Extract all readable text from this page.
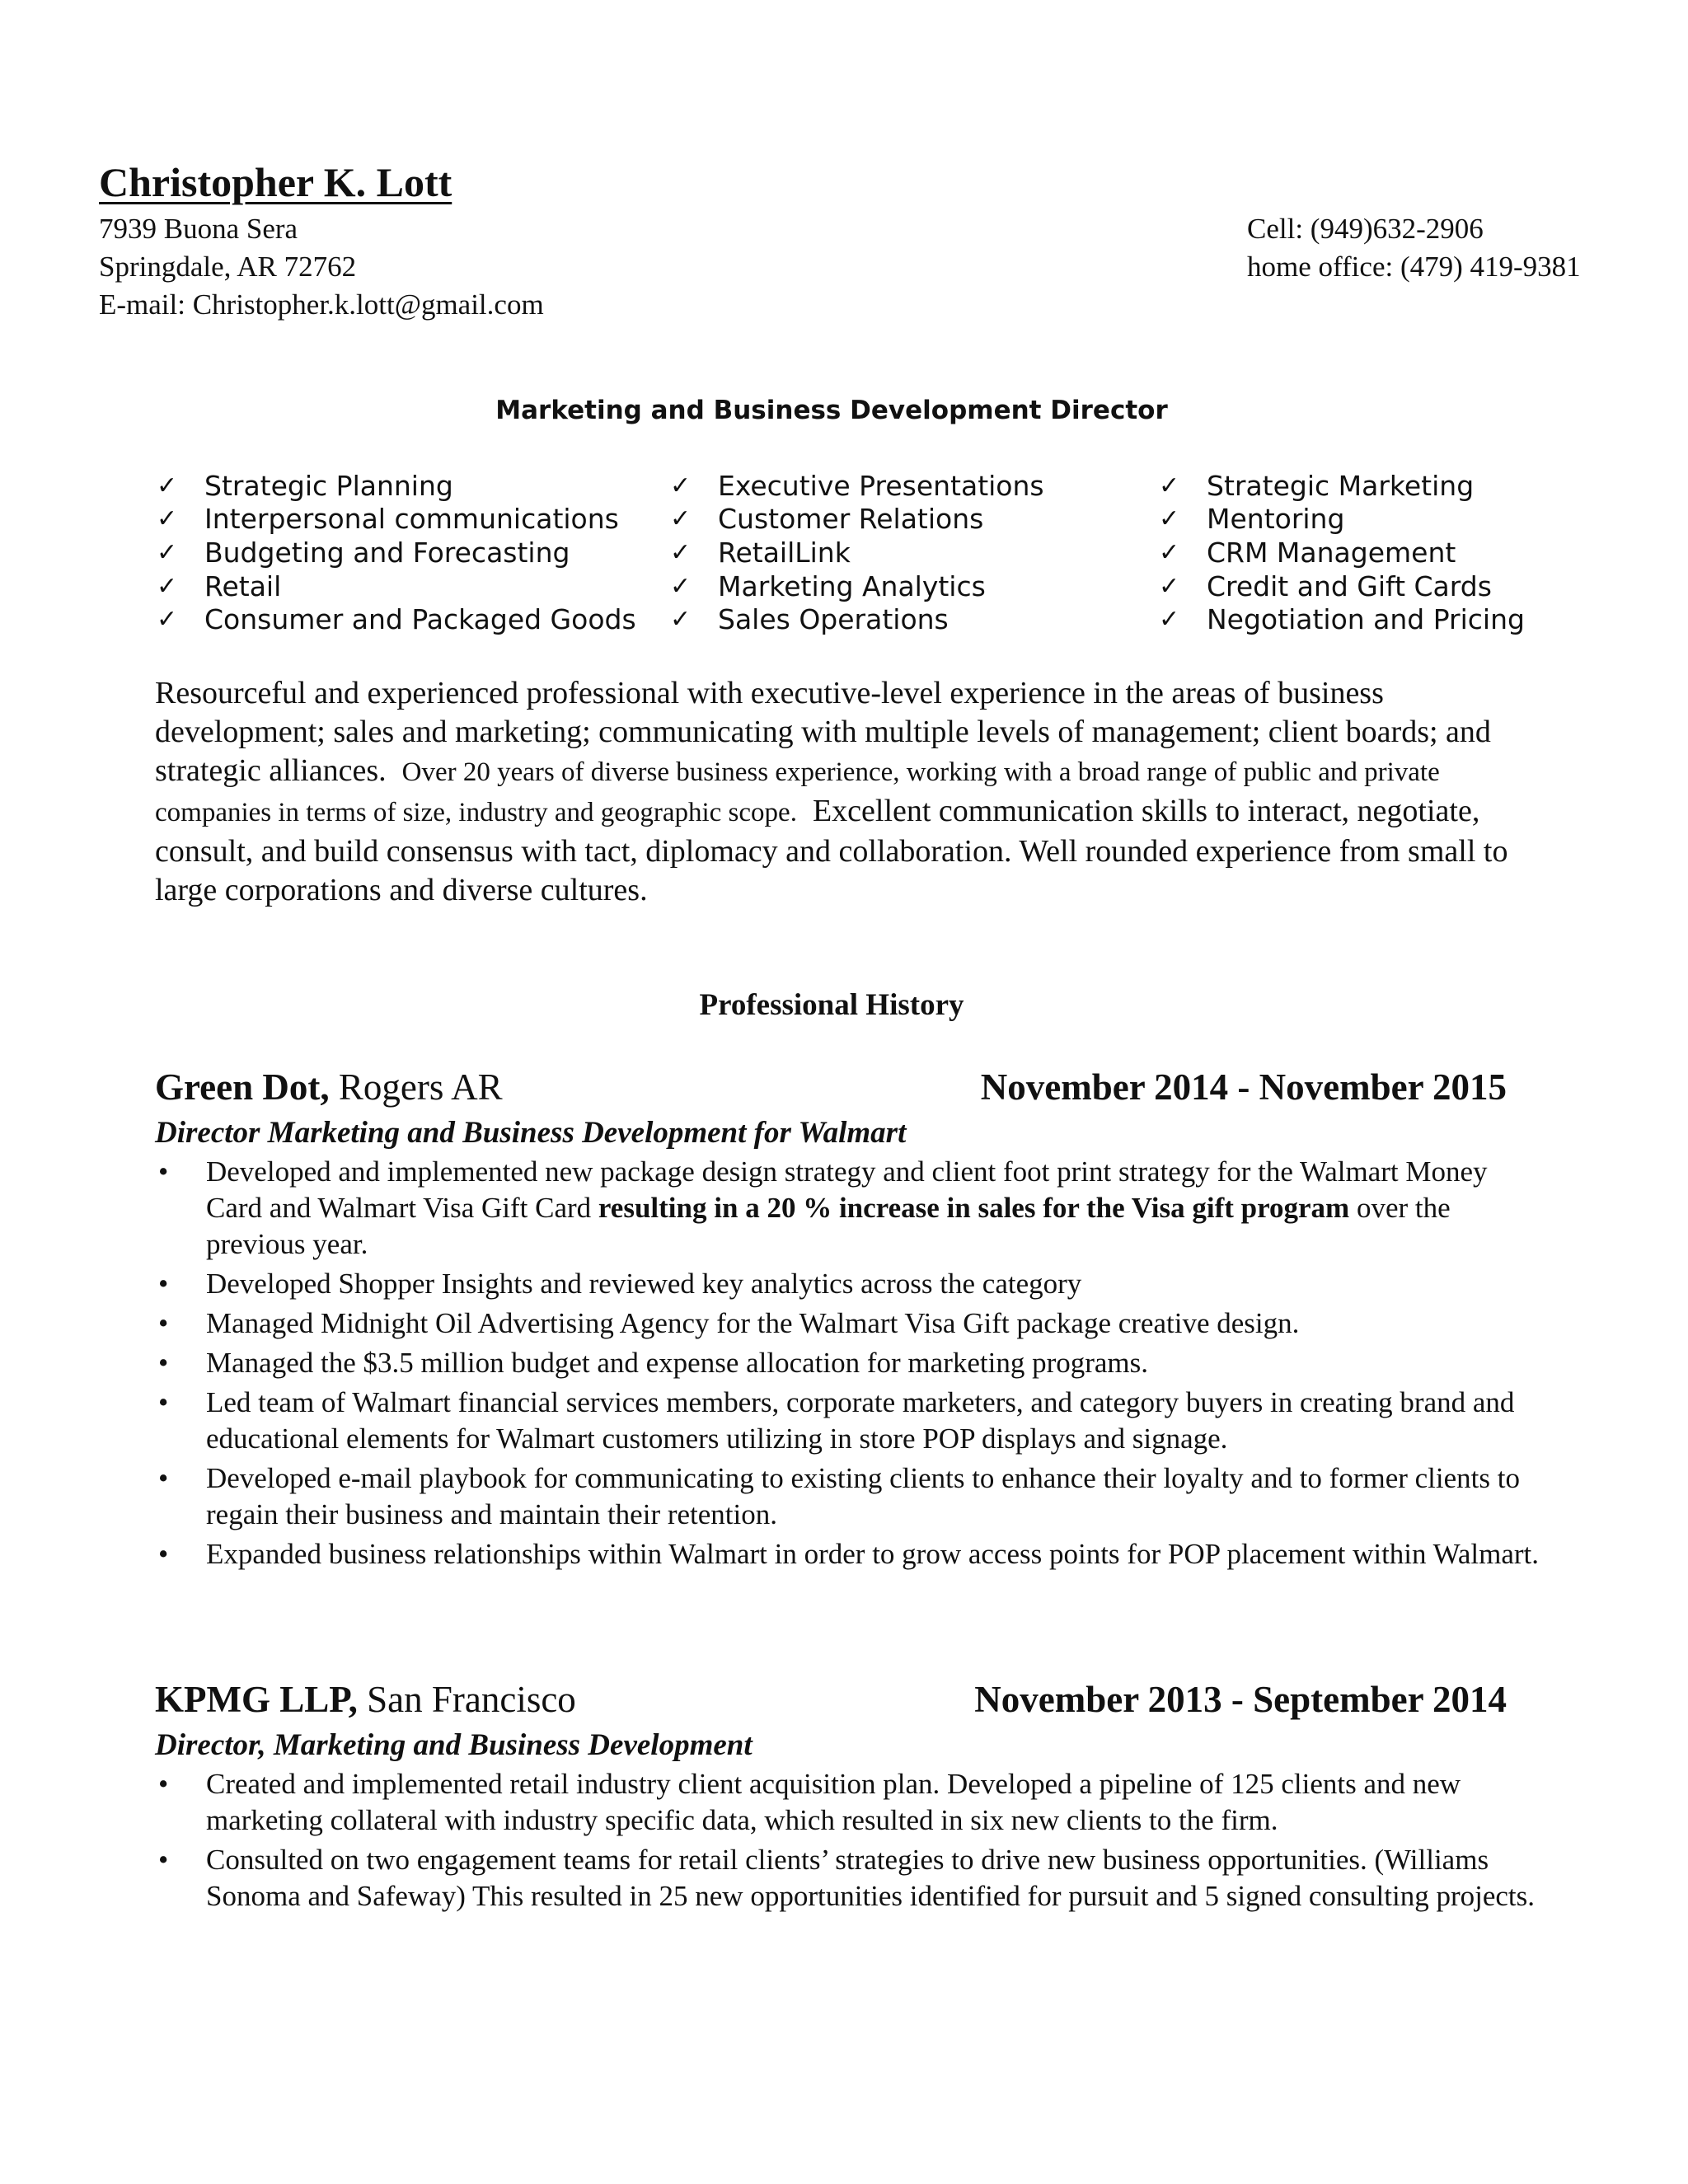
Christopher K. Lott
7939 Buona Sera
Springdale, AR 72762
E-mail: Christopher.k.lott@gmail.com
Cell: (949)632-2906
home office: (479) 419-9381
Marketing and Business Development Director
✓ Strategic Planning
✓ Interpersonal communications
✓ Budgeting and Forecasting
✓ Retail
✓ Consumer and Packaged Goods
✓ Executive Presentations
✓ Customer Relations
✓ RetailLink
✓ Marketing Analytics
✓ Sales Operations
✓ Strategic Marketing
✓ Mentoring
✓ CRM Management
✓ Credit and Gift Cards
✓ Negotiation and Pricing
Resourceful and experienced professional with executive-level experience in the areas of business development; sales and marketing; communicating with multiple levels of management; client boards; and strategic alliances. Over 20 years of diverse business experience, working with a broad range of public and private companies in terms of size, industry and geographic scope. Excellent communication skills to interact, negotiate, consult, and build consensus with tact, diplomacy and collaboration. Well rounded experience from small to large corporations and diverse cultures.
Professional History
Green Dot, Rogers AR	November 2014 - November 2015
Director Marketing and Business Development for Walmart
• Developed and implemented new package design strategy and client foot print strategy for the Walmart Money Card and Walmart Visa Gift Card resulting in a 20 % increase in sales for the Visa gift program over the previous year.
• Developed Shopper Insights and reviewed key analytics across the category
• Managed Midnight Oil Advertising Agency for the Walmart Visa Gift package creative design.
• Managed the $3.5 million budget and expense allocation for marketing programs.
• Led team of Walmart financial services members, corporate marketers, and category buyers in creating brand and educational elements for Walmart customers utilizing in store POP displays and signage.
• Developed e-mail playbook for communicating to existing clients to enhance their loyalty and to former clients to regain their business and maintain their retention.
• Expanded business relationships within Walmart in order to grow access points for POP placement within Walmart.
KPMG LLP, San Francisco	November 2013 - September 2014
Director, Marketing and Business Development
• Created and implemented retail industry client acquisition plan. Developed a pipeline of 125 clients and new marketing collateral with industry specific data, which resulted in six new clients to the firm.
• Consulted on two engagement teams for retail clients’ strategies to drive new business opportunities. (Williams Sonoma and Safeway) This resulted in 25 new opportunities identified for pursuit and 5 signed consulting projects.
